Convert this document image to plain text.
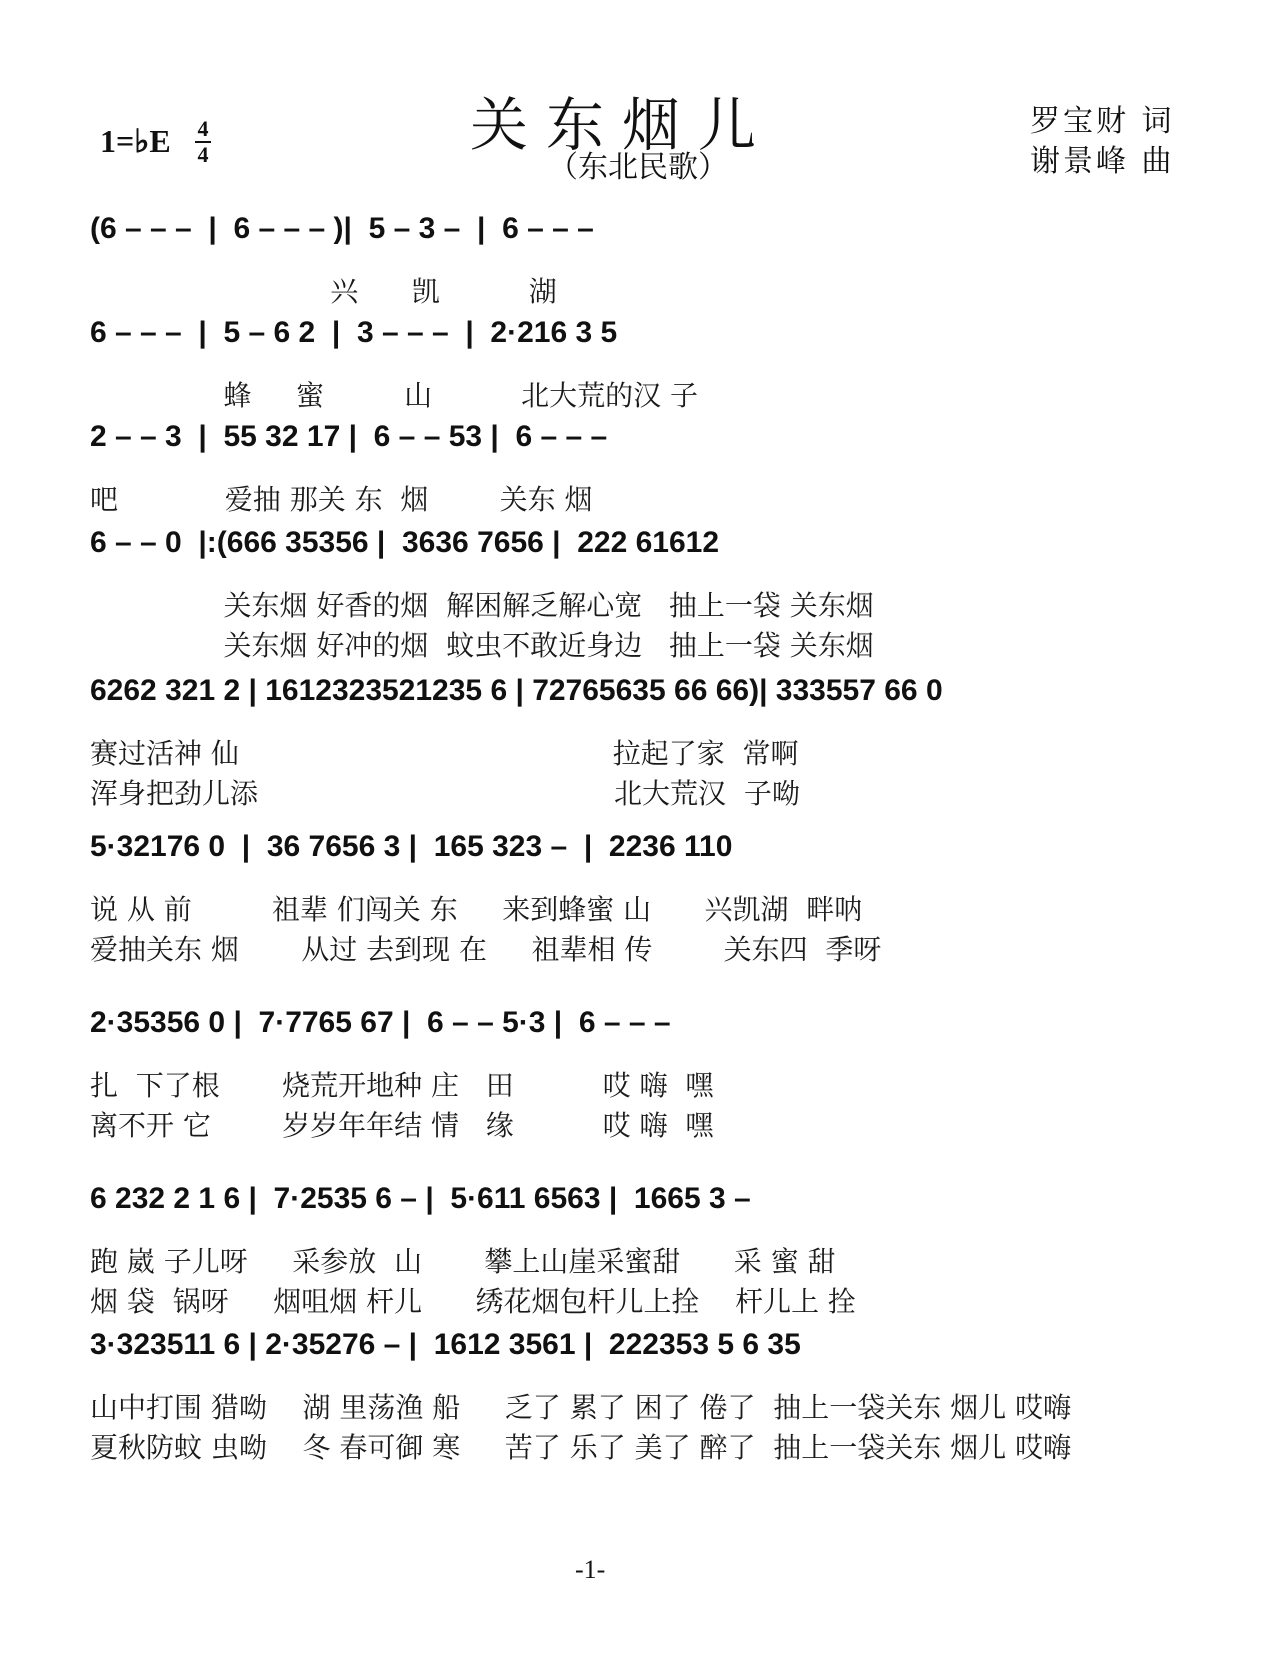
关东烟儿
（东北民歌）
罗宝财 词
谢景峰 曲
1=♭E 4
4
(6 – – –  |  6 – – – )|  5 – 3 –  |  6 – – –
兴      凯          湖
6 – – –  |  5 – 6 2  |  3 – – –  |  2·216 3 5
蜂     蜜         山          北大荒的汉 子
2 – – 3  |  55 32 17 |  6 – – 53 |  6 – – –
吧            爱抽 那关 东  烟        关东 烟
6 – – 0  |:(666 35356 |  3636 7656 |  222 61612
关东烟 好香的烟  解困解乏解心宽   抽上一袋 关东烟
关东烟 好冲的烟  蚊虫不敢近身边   抽上一袋 关东烟
6262 321 2 | 1612323521235 6 | 72765635 66 66)| 333557 66 0
赛过活神 仙                                          拉起了家  常啊
浑身把劲儿添                                        北大荒汉  子呦
5·32176 0  |  36 7656 3 |  165 323 –  |  2236 110
说 从 前         祖辈 们闯关 东     来到蜂蜜 山      兴凯湖  畔呐
爱抽关东 烟       从过 去到现 在     祖辈相 传        关东四  季呀
2·35356 0 |  7·7765 67 |  6 – – 5·3 |  6 – – –
扎  下了根       烧荒开地种 庄   田          哎 嗨  嘿
离不开 它        岁岁年年结 情   缘          哎 嗨  嘿
6 232 2 1 6 |  7·2535 6 – |  5·611 6563 |  1665 3 –
跑 崴 子儿呀     采参放  山       攀上山崖采蜜甜      采 蜜 甜
烟 袋  锅呀     烟咀烟 杆儿      绣花烟包杆儿上拴    杆儿上 拴
3·323511 6 | 2·35276 – |  1612 3561 |  222353 5 6 35
山中打围 猎呦    湖 里荡渔 船     乏了 累了 困了 倦了  抽上一袋关东 烟儿 哎嗨
夏秋防蚊 虫呦    冬 春可御 寒     苦了 乐了 美了 醉了  抽上一袋关东 烟儿 哎嗨
-1-
